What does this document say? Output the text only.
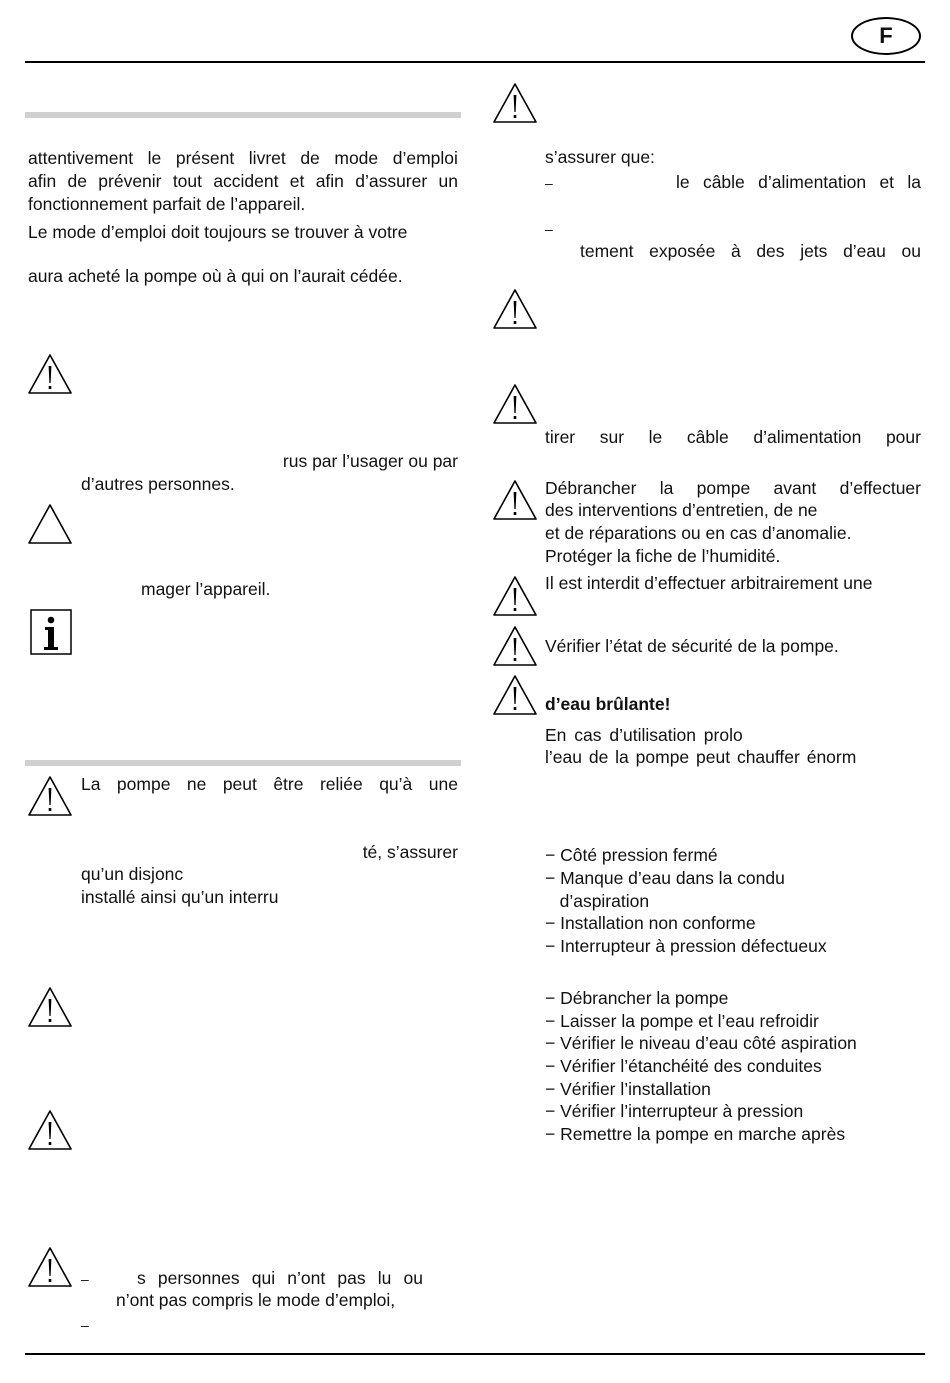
F
attentivement le présent livret de mode d’emploi
afin de prévenir tout accident et afin d’assurer un
fonctionnement parfait de l’appareil.
Le mode d’emploi doit toujours se trouver à votre
aura acheté la pompe où à qui on l’aurait cédée.
rus par l’usager ou par
d’autres personnes.
mager l’appareil.
La pompe ne peut être reliée qu’à une
té, s’assurer
qu’un disjonc
installé ainsi qu’un interru
–	s personnes qui n’ont pas lu ou
n’ont pas compris le mode d’emploi,
–
s’assurer que:
–	le câble d’alimentation et la
–
tement exposée à des jets d’eau ou
tirer sur le câble d’alimentation pour
Débrancher la pompe avant d’effectuer
des interventions d’entretien, de ne
et de réparations ou en cas d’anomalie.
Protéger la fiche de l’humidité.
Il est interdit d’effectuer arbitrairement une
Vérifier l’état de sécurité de la pompe.
d’eau brûlante!
En cas d’utilisation prolo
l’eau de la pompe peut chauffer énorm
− Côté pression fermé
− Manque d’eau dans la condu
d’aspiration
− Installation non conforme
− Interrupteur à pression défectueux
− Débrancher la pompe
− Laisser la pompe et l’eau refroidir
− Vérifier le niveau d’eau côté aspiration
− Vérifier l’étanchéité des conduites
− Vérifier l’installation
− Vérifier l’interrupteur à pression
− Remettre la pompe en marche après
